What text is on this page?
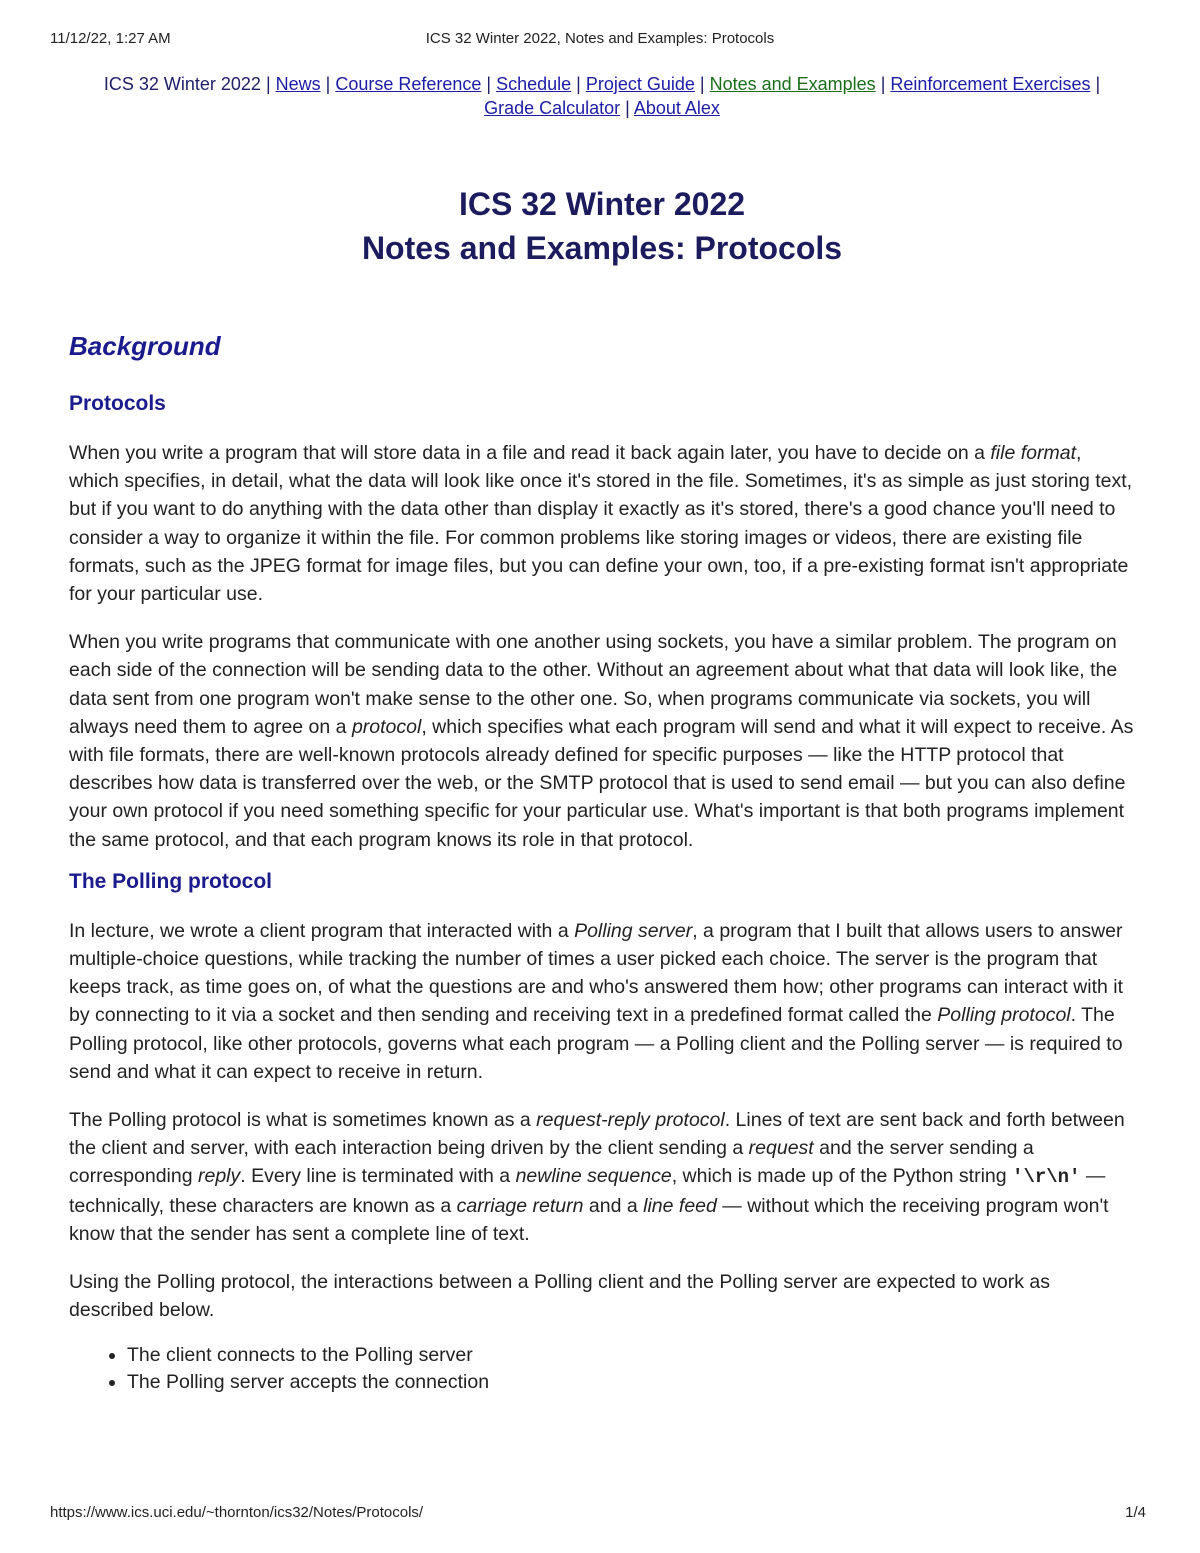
11/12/22, 1:27 AM	ICS 32 Winter 2022, Notes and Examples: Protocols
ICS 32 Winter 2022 | News | Course Reference | Schedule | Project Guide | Notes and Examples | Reinforcement Exercises | Grade Calculator | About Alex
ICS 32 Winter 2022
Notes and Examples: Protocols
Background
Protocols

When you write a program that will store data in a file and read it back again later, you have to decide on a file format, which specifies, in detail, what the data will look like once it's stored in the file. Sometimes, it's as simple as just storing text, but if you want to do anything with the data other than display it exactly as it's stored, there's a good chance you'll need to consider a way to organize it within the file. For common problems like storing images or videos, there are existing file formats, such as the JPEG format for image files, but you can define your own, too, if a pre-existing format isn't appropriate for your particular use.

When you write programs that communicate with one another using sockets, you have a similar problem. The program on each side of the connection will be sending data to the other. Without an agreement about what that data will look like, the data sent from one program won't make sense to the other one. So, when programs communicate via sockets, you will always need them to agree on a protocol, which specifies what each program will send and what it will expect to receive. As with file formats, there are well-known protocols already defined for specific purposes — like the HTTP protocol that describes how data is transferred over the web, or the SMTP protocol that is used to send email — but you can also define your own protocol if you need something specific for your particular use. What's important is that both programs implement the same protocol, and that each program knows its role in that protocol.

The Polling protocol

In lecture, we wrote a client program that interacted with a Polling server, a program that I built that allows users to answer multiple-choice questions, while tracking the number of times a user picked each choice. The server is the program that keeps track, as time goes on, of what the questions are and who's answered them how; other programs can interact with it by connecting to it via a socket and then sending and receiving text in a predefined format called the Polling protocol. The Polling protocol, like other protocols, governs what each program — a Polling client and the Polling server — is required to send and what it can expect to receive in return.

The Polling protocol is what is sometimes known as a request-reply protocol. Lines of text are sent back and forth between the client and server, with each interaction being driven by the client sending a request and the server sending a corresponding reply. Every line is terminated with a newline sequence, which is made up of the Python string '\r\n' — technically, these characters are known as a carriage return and a line feed — without which the receiving program won't know that the sender has sent a complete line of text.

Using the Polling protocol, the interactions between a Polling client and the Polling server are expected to work as described below.

• The client connects to the Polling server
• The Polling server accepts the connection
https://www.ics.uci.edu/~thornton/ics32/Notes/Protocols/	1/4
